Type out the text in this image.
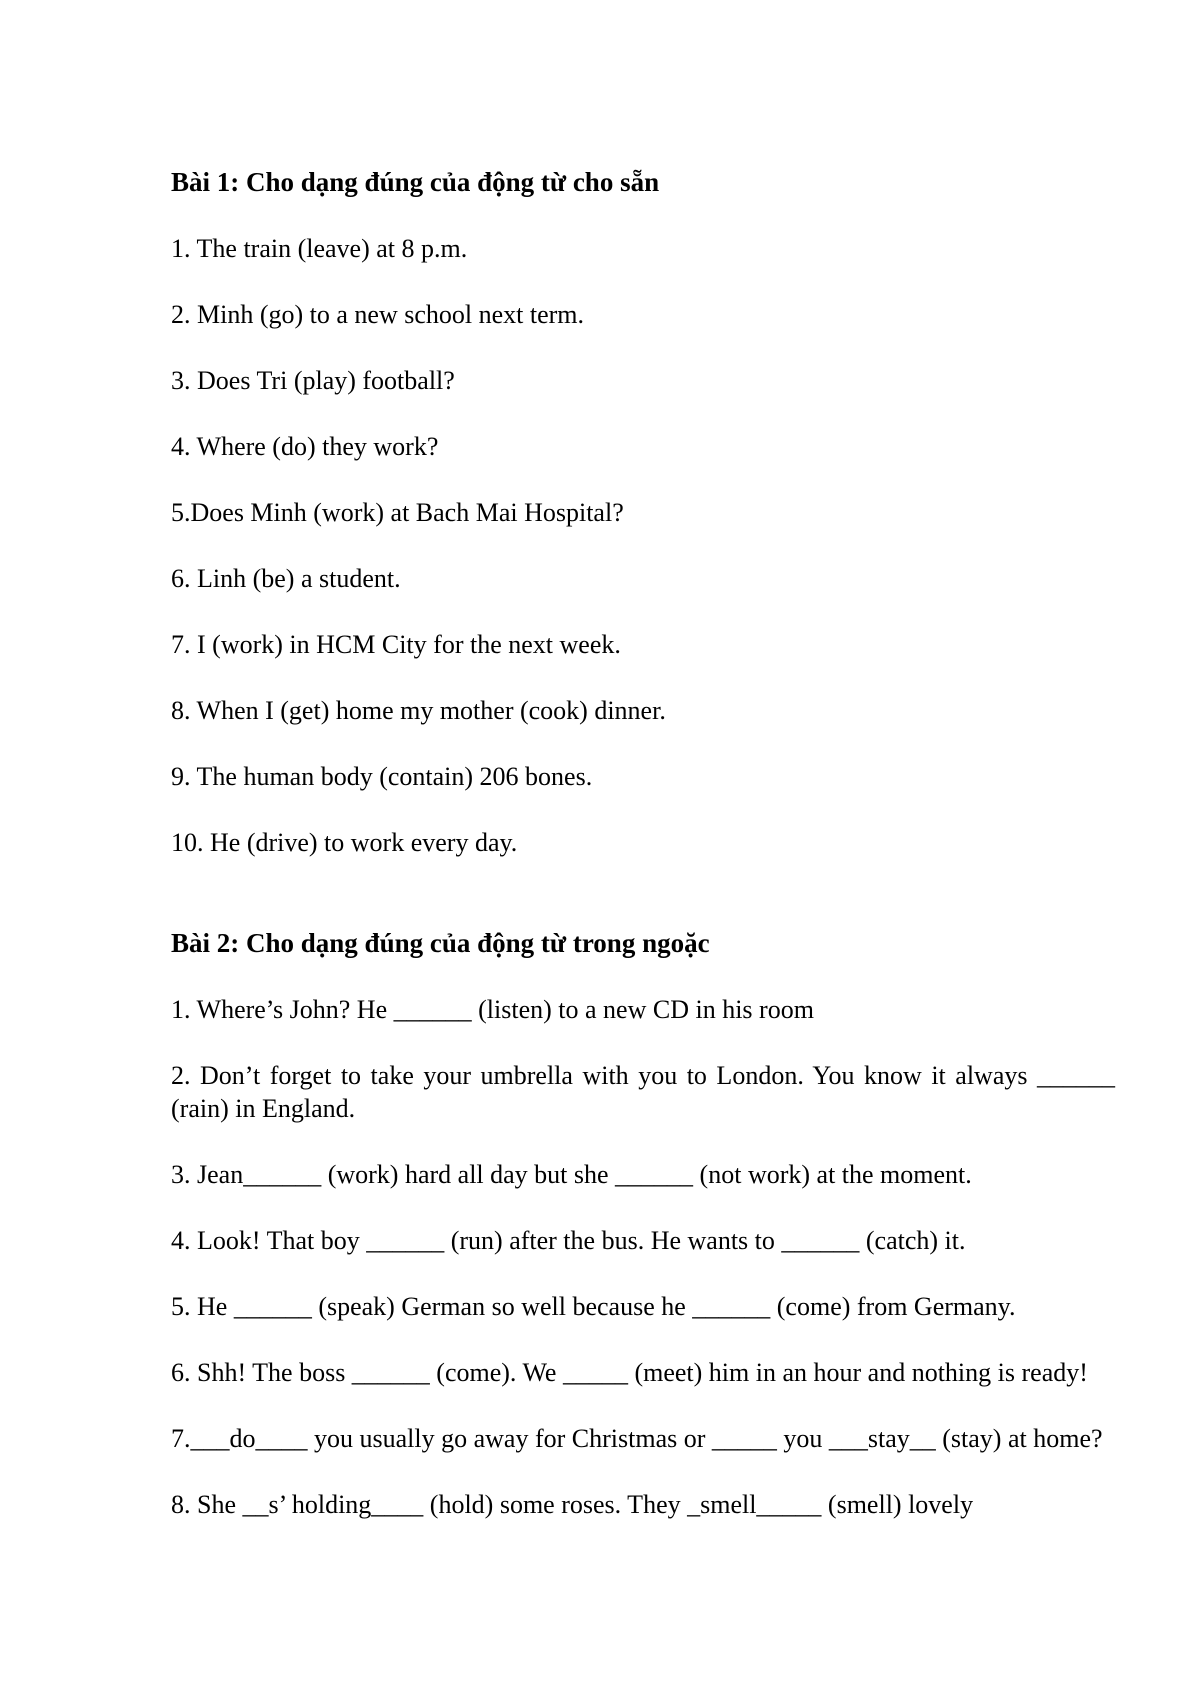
Bài 1: Cho dạng đúng của động từ cho sẵn

1. The train (leave) at 8 p.m.

2. Minh (go) to a new school next term.

3. Does Tri (play) football?

4. Where (do) they work?

5.Does Minh (work) at Bach Mai Hospital?

6. Linh (be) a student.

7. I (work) in HCM City for the next week.

8. When I (get) home my mother (cook) dinner.

9. The human body (contain) 206 bones.

10. He (drive) to work every day.

Bài 2: Cho dạng đúng của động từ trong ngoặc

1. Where’s John? He ______ (listen) to a new CD in his room

2. Don’t forget to take your umbrella with you to London. You know it always ______ (rain) in England.

3. Jean______ (work) hard all day but she ______ (not work) at the moment.

4. Look! That boy ______ (run) after the bus. He wants to ______ (catch) it.

5. He ______ (speak) German so well because he ______ (come) from Germany.

6. Shh! The boss ______ (come). We _____ (meet) him in an hour and nothing is ready!

7.___do____ you usually go away for Christmas or _____ you ___stay__ (stay) at home?

8. She __s’ holding____ (hold) some roses. They _smell_____ (smell) lovely
